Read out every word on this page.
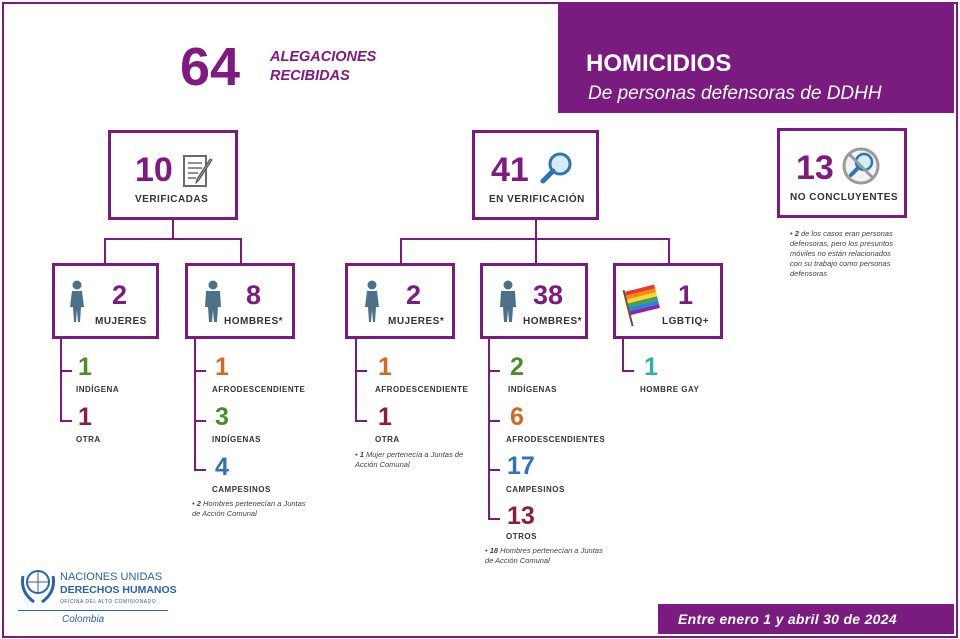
64 ALEGACIONES
RECIBIDAS	HOMICIDIOS
De personas defensoras de DDHH
10
VERIFICADAS
41
EN VERIFICACIÓN
13
NO CONCLUYENTES
• 2 de los casos eran personas defensoras, pero los presuntos móviles no están relacionados con su trabajo como personas defensoras
2
MUJERES
8
HOMBRES*
2
MUJERES*
38
HOMBRES*
1
LGBTIQ+
1
INDÍGENA
1
OTRA
1
AFRODESCENDIENTE
3
INDÍGENAS
4
CAMPESINOS
• 2 Hombres pertenecían a Juntas de Acción Comunal
1
AFRODESCENDIENTE
1
OTRA
• 1 Mujer pertenecía a Juntas de Acción Comunal
2
INDÍGENAS
6
AFRODESCENDIENTES
17
CAMPESINOS
13
OTROS
• 18 Hombres pertenecían a Juntas de Acción Comunal
1
HOMBRE GAY
NACIONES UNIDAS
DERECHOS HUMANOS
OFICINA DEL ALTO COMISIONADO
Colombia	Entre enero 1 y abril 30 de 2024
